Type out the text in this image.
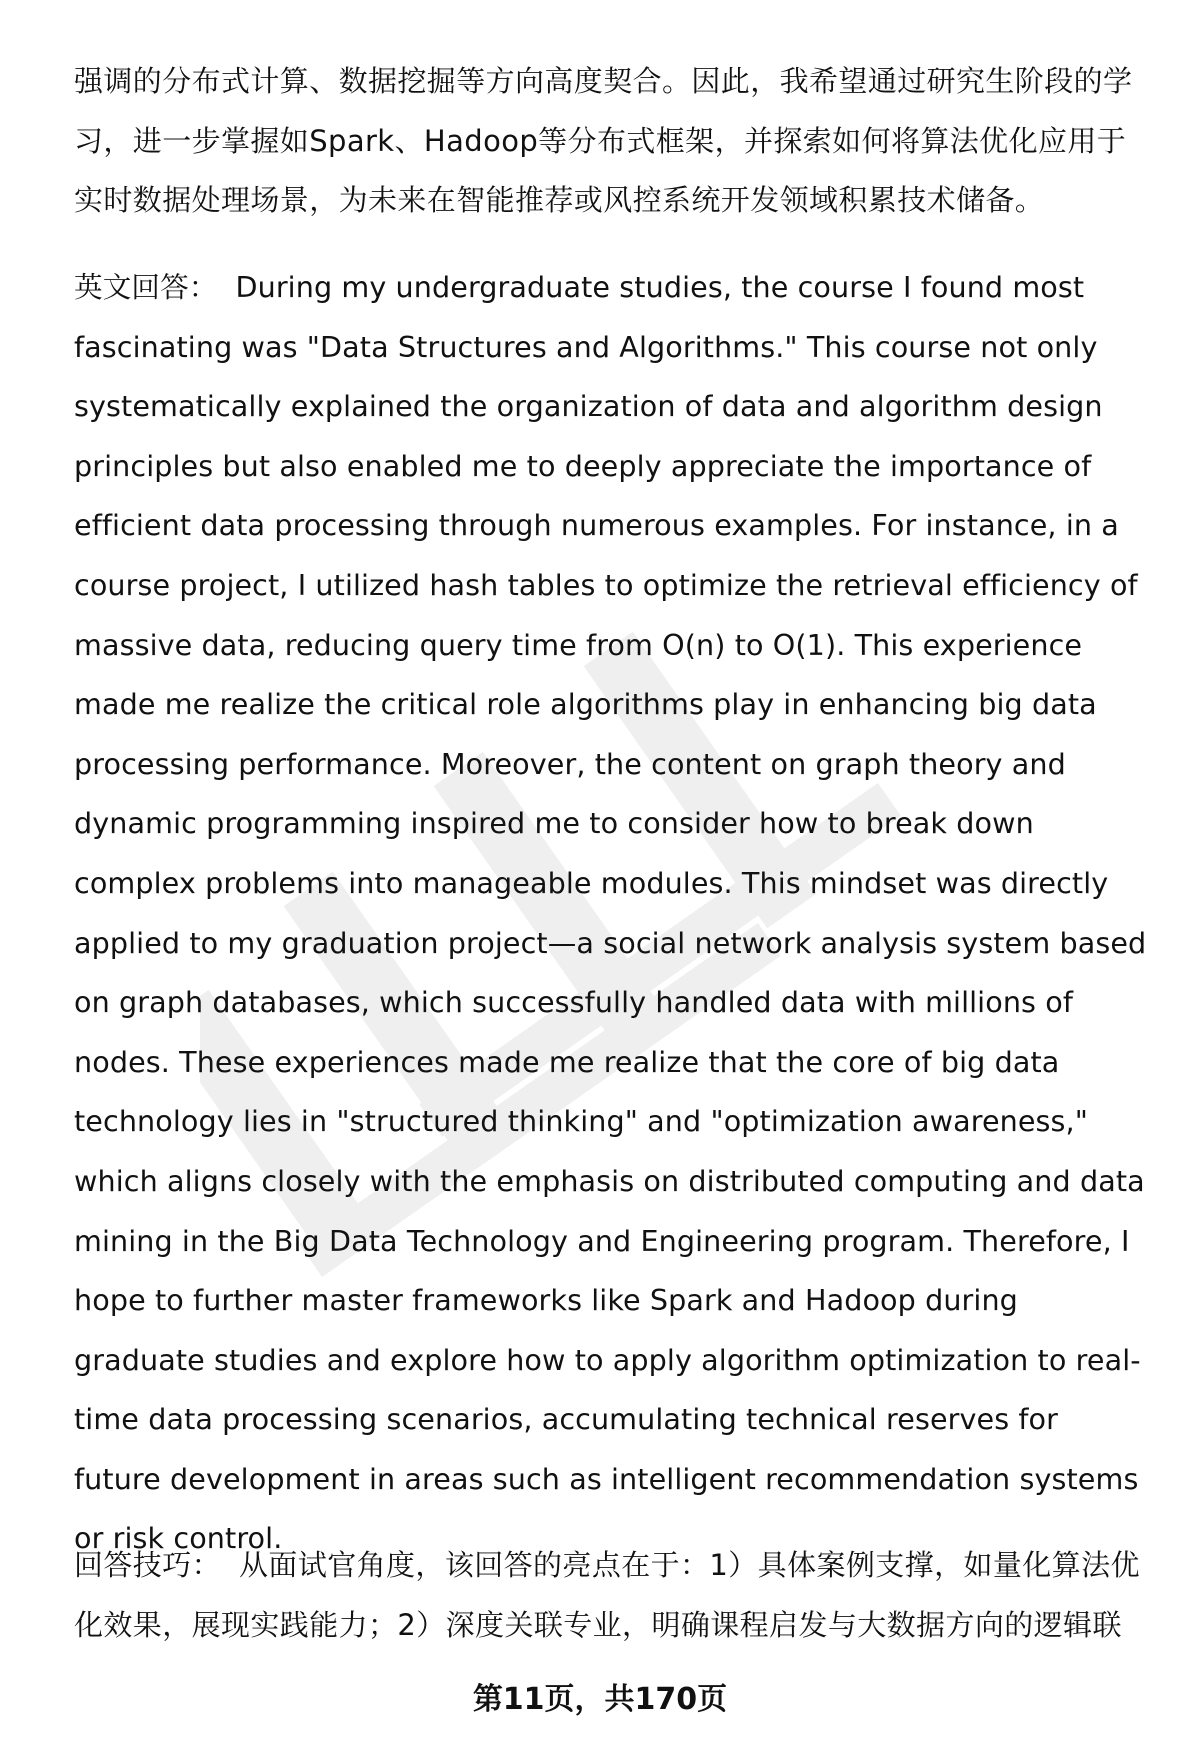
强调的分布式计算、数据挖掘等方向高度契合。因此，我希望通过研究生阶段的学习，进一步掌握如Spark、Hadoop等分布式框架，并探索如何将算法优化应用于实时数据处理场景，为未来在智能推荐或风控系统开发领域积累技术储备。

英文回答： During my undergraduate studies, the course I found most fascinating was "Data Structures and Algorithms." This course not only systematically explained the organization of data and algorithm design principles but also enabled me to deeply appreciate the importance of efficient data processing through numerous examples. For instance, in a course project, I utilized hash tables to optimize the retrieval efficiency of massive data, reducing query time from O(n) to O(1). This experience made me realize the critical role algorithms play in enhancing big data processing performance. Moreover, the content on graph theory and dynamic programming inspired me to consider how to break down complex problems into manageable modules. This mindset was directly applied to my graduation project—a social network analysis system based on graph databases, which successfully handled data with millions of nodes. These experiences made me realize that the core of big data technology lies in "structured thinking" and "optimization awareness," which aligns closely with the emphasis on distributed computing and data mining in the Big Data Technology and Engineering program. Therefore, I hope to further master frameworks like Spark and Hadoop during graduate studies and explore how to apply algorithm optimization to real-time data processing scenarios, accumulating technical reserves for future development in areas such as intelligent recommendation systems or risk control.

回答技巧： 从面试官角度，该回答的亮点在于：1）具体案例支撑，如量化算法优化效果，展现实践能力；2）深度关联专业，明确课程启发与大数据方向的逻辑联

第11页，共170页
